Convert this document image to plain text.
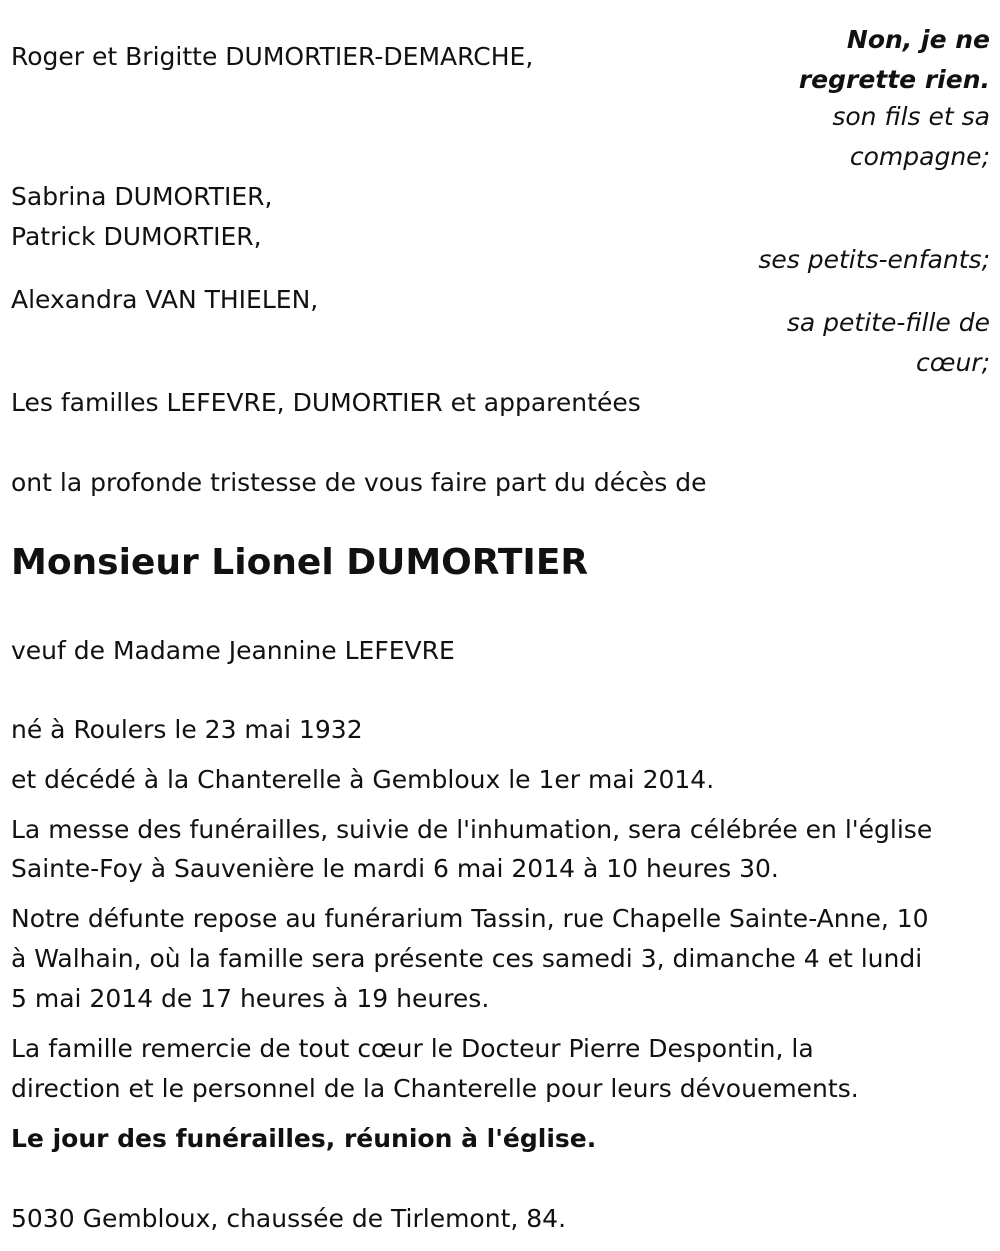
Non, je ne
regrette rien.
son fils et sa
compagne;
ses petits-enfants;
sa petite-fille de
cœur;
Roger et Brigitte DUMORTIER-DEMARCHE,
Sabrina DUMORTIER,
Patrick DUMORTIER,
Alexandra VAN THIELEN,
Les familles LEFEVRE, DUMORTIER et apparentées
ont la profonde tristesse de vous faire part du décès de
Monsieur Lionel DUMORTIER
veuf de Madame Jeannine LEFEVRE
né à Roulers le 23 mai 1932
et décédé à la Chanterelle à Gembloux le 1er mai 2014.
La messe des funérailles, suivie de l'inhumation, sera célébrée en l'église
Sainte-Foy à Sauvenière le mardi 6 mai 2014 à 10 heures 30.
Notre défunte repose au funérarium Tassin, rue Chapelle Sainte-Anne, 10
à Walhain, où la famille sera présente ces samedi 3, dimanche 4 et lundi
5 mai 2014 de 17 heures à 19 heures.
La famille remercie de tout cœur le Docteur Pierre Despontin, la
direction et le personnel de la Chanterelle pour leurs dévouements.
Le jour des funérailles, réunion à l'église.
5030 Gembloux, chaussée de Tirlemont, 84.
